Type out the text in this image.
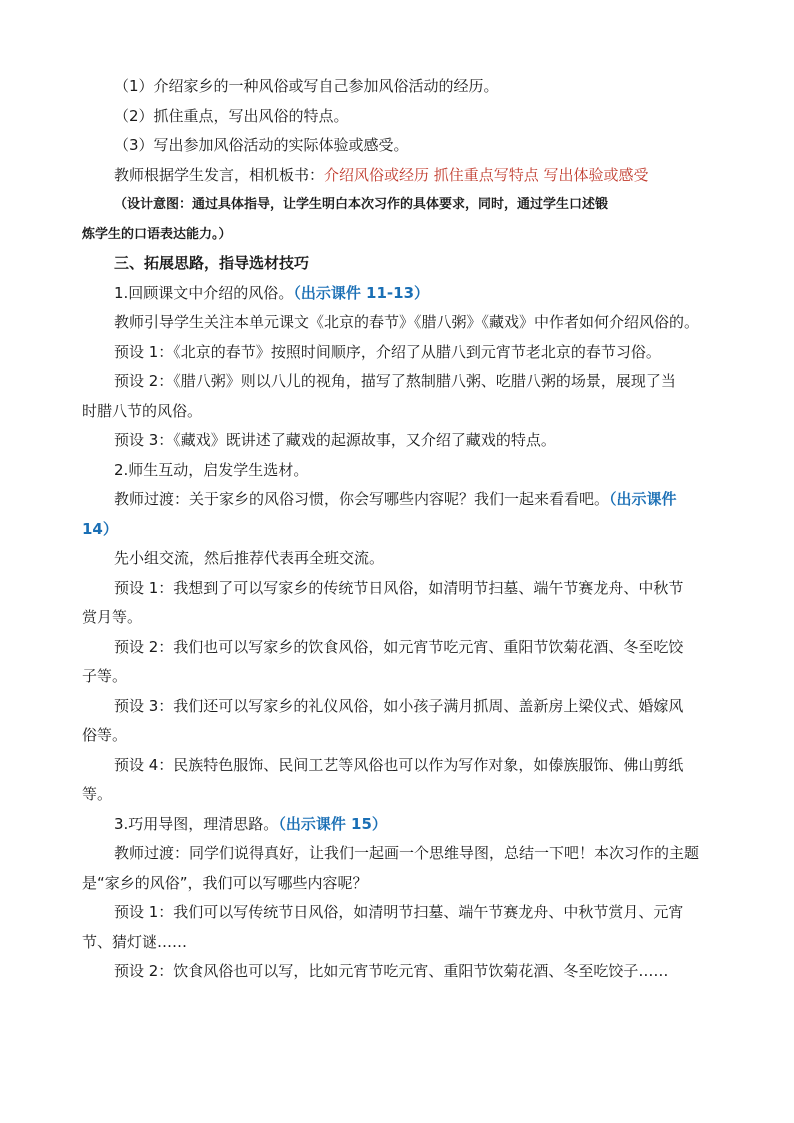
（1）介绍家乡的一种风俗或写自己参加风俗活动的经历。
（2）抓住重点，写出风俗的特点。
（3）写出参加风俗活动的实际体验或感受。
教师根据学生发言，相机板书：介绍风俗或经历 抓住重点写特点 写出体验或感受
（设计意图：通过具体指导，让学生明白本次习作的具体要求，同时，通过学生口述锻
炼学生的口语表达能力。）
三、拓展思路，指导选材技巧
1.回顾课文中介绍的风俗。（出示课件 11-13）
教师引导学生关注本单元课文《北京的春节》《腊八粥》《藏戏》中作者如何介绍风俗的。
预设 1：《北京的春节》按照时间顺序，介绍了从腊八到元宵节老北京的春节习俗。
预设 2：《腊八粥》则以八儿的视角，描写了熬制腊八粥、吃腊八粥的场景，展现了当
时腊八节的风俗。
预设 3：《藏戏》既讲述了藏戏的起源故事，又介绍了藏戏的特点。
2.师生互动，启发学生选材。
教师过渡：关于家乡的风俗习惯，你会写哪些内容呢？我们一起来看看吧。（出示课件
14）
先小组交流，然后推荐代表再全班交流。
预设 1：我想到了可以写家乡的传统节日风俗，如清明节扫墓、端午节赛龙舟、中秋节
赏月等。
预设 2：我们也可以写家乡的饮食风俗，如元宵节吃元宵、重阳节饮菊花酒、冬至吃饺
子等。
预设 3：我们还可以写家乡的礼仪风俗，如小孩子满月抓周、盖新房上梁仪式、婚嫁风
俗等。
预设 4：民族特色服饰、民间工艺等风俗也可以作为写作对象，如傣族服饰、佛山剪纸
等。
3.巧用导图，理清思路。（出示课件 15）
教师过渡：同学们说得真好，让我们一起画一个思维导图，总结一下吧！本次习作的主题
是“家乡的风俗”，我们可以写哪些内容呢？
预设 1：我们可以写传统节日风俗，如清明节扫墓、端午节赛龙舟、中秋节赏月、元宵
节、猜灯谜……
预设 2：饮食风俗也可以写，比如元宵节吃元宵、重阳节饮菊花酒、冬至吃饺子……
